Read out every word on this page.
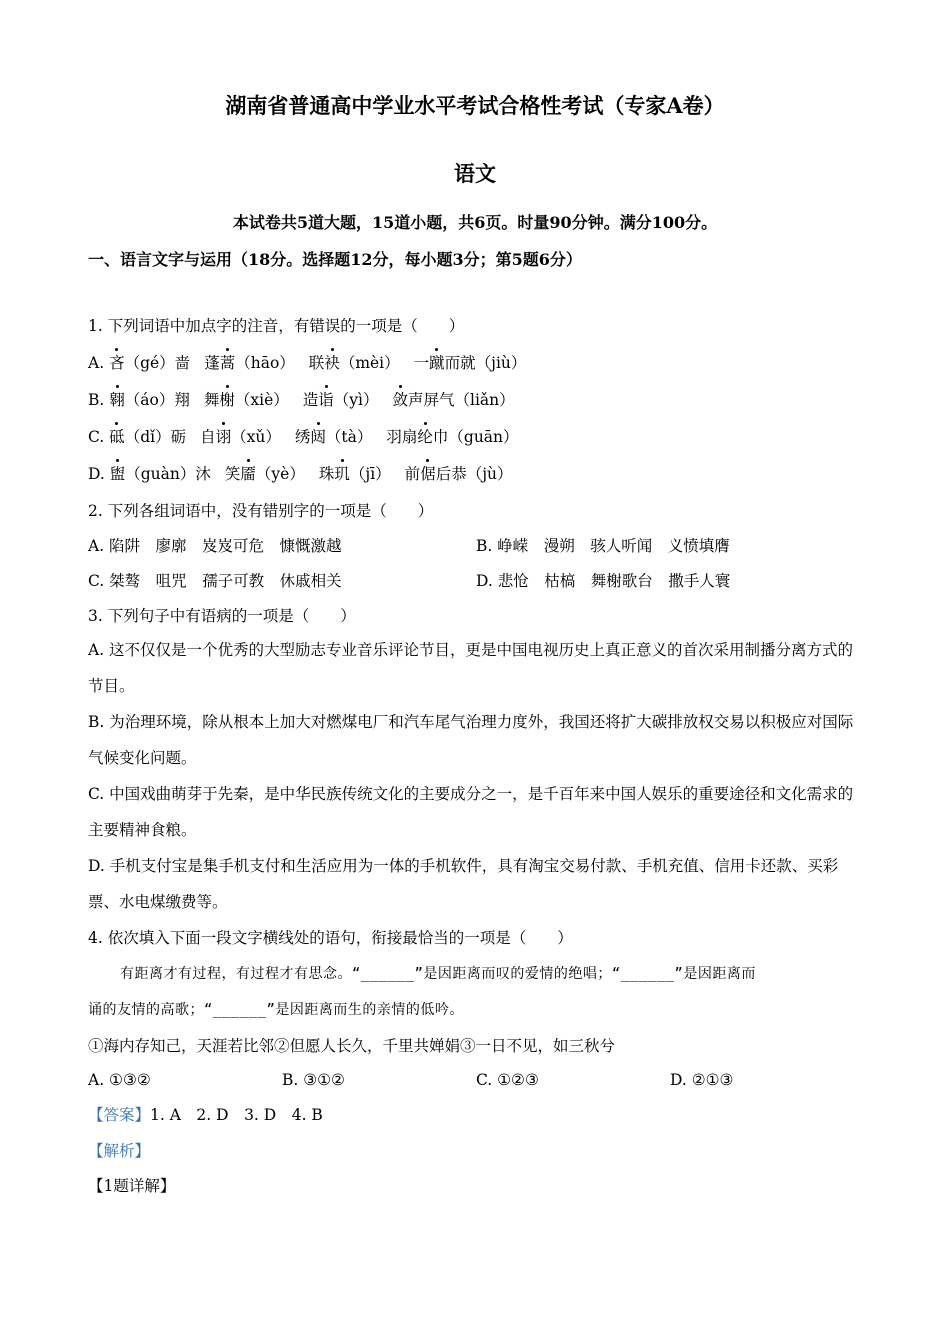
湖南省普通高中学业水平考试合格性考试（专家A卷）
语文
本试卷共5道大题，15道小题，共6页。时量90分钟。满分100分。
一、语言文字与运用（18分。选择题12分，每小题3分；第5题6分）
1. 下列词语中加点字的注音，有错误的一项是（　　）
A. 吝（gé）啬 蓬蒿（hāo） 联袂（mèi） 一蹴而就（jiù）
B. 翱（áo）翔 舞榭（xiè） 造诣（yì） 敛声屏气（liǎn）
C. 砥（dǐ）砺 自诩（xǔ） 绣闼（tà） 羽扇纶巾（guān）
D. 盥（guàn）沐 笑靥（yè） 珠玑（jī） 前倨后恭（jù）
2. 下列各组词语中，没有错别字的一项是（　　）
A. 陷阱　廖廓　岌岌可危　慷慨激越	B. 峥嵘　漫朔　骇人听闻　义愤填膺
C. 桀骜　咀咒　孺子可教　休戚相关	D. 悲怆　枯槁　舞榭歌台　撒手人寰
3. 下列句子中有语病的一项是（　　）
A. 这不仅仅是一个优秀的大型励志专业音乐评论节目，更是中国电视历史上真正意义的首次采用制播分离方式的节目。
B. 为治理环境，除从根本上加大对燃煤电厂和汽车尾气治理力度外，我国还将扩大碳排放权交易以积极应对国际气候变化问题。
C. 中国戏曲萌芽于先秦，是中华民族传统文化的主要成分之一，是千百年来中国人娱乐的重要途径和文化需求的主要精神食粮。
D. 手机支付宝是集手机支付和生活应用为一体的手机软件，具有淘宝交易付款、手机充值、信用卡还款、买彩票、水电煤缴费等。
4. 依次填入下面一段文字横线处的语句，衔接最恰当的一项是（　　）
有距离才有过程，有过程才有思念。“______”是因距离而叹的爱情的绝唱；“______”是因距离而
诵的友情的高歌；“______”是因距离而生的亲情的低吟。
①海内存知己，天涯若比邻②但愿人长久，千里共婵娟③一日不见，如三秋兮
A. ①③②	B. ③①②	C. ①②③	D. ②①③
【答案】1. A　2. D　3. D　4. B
【解析】
【1题详解】
